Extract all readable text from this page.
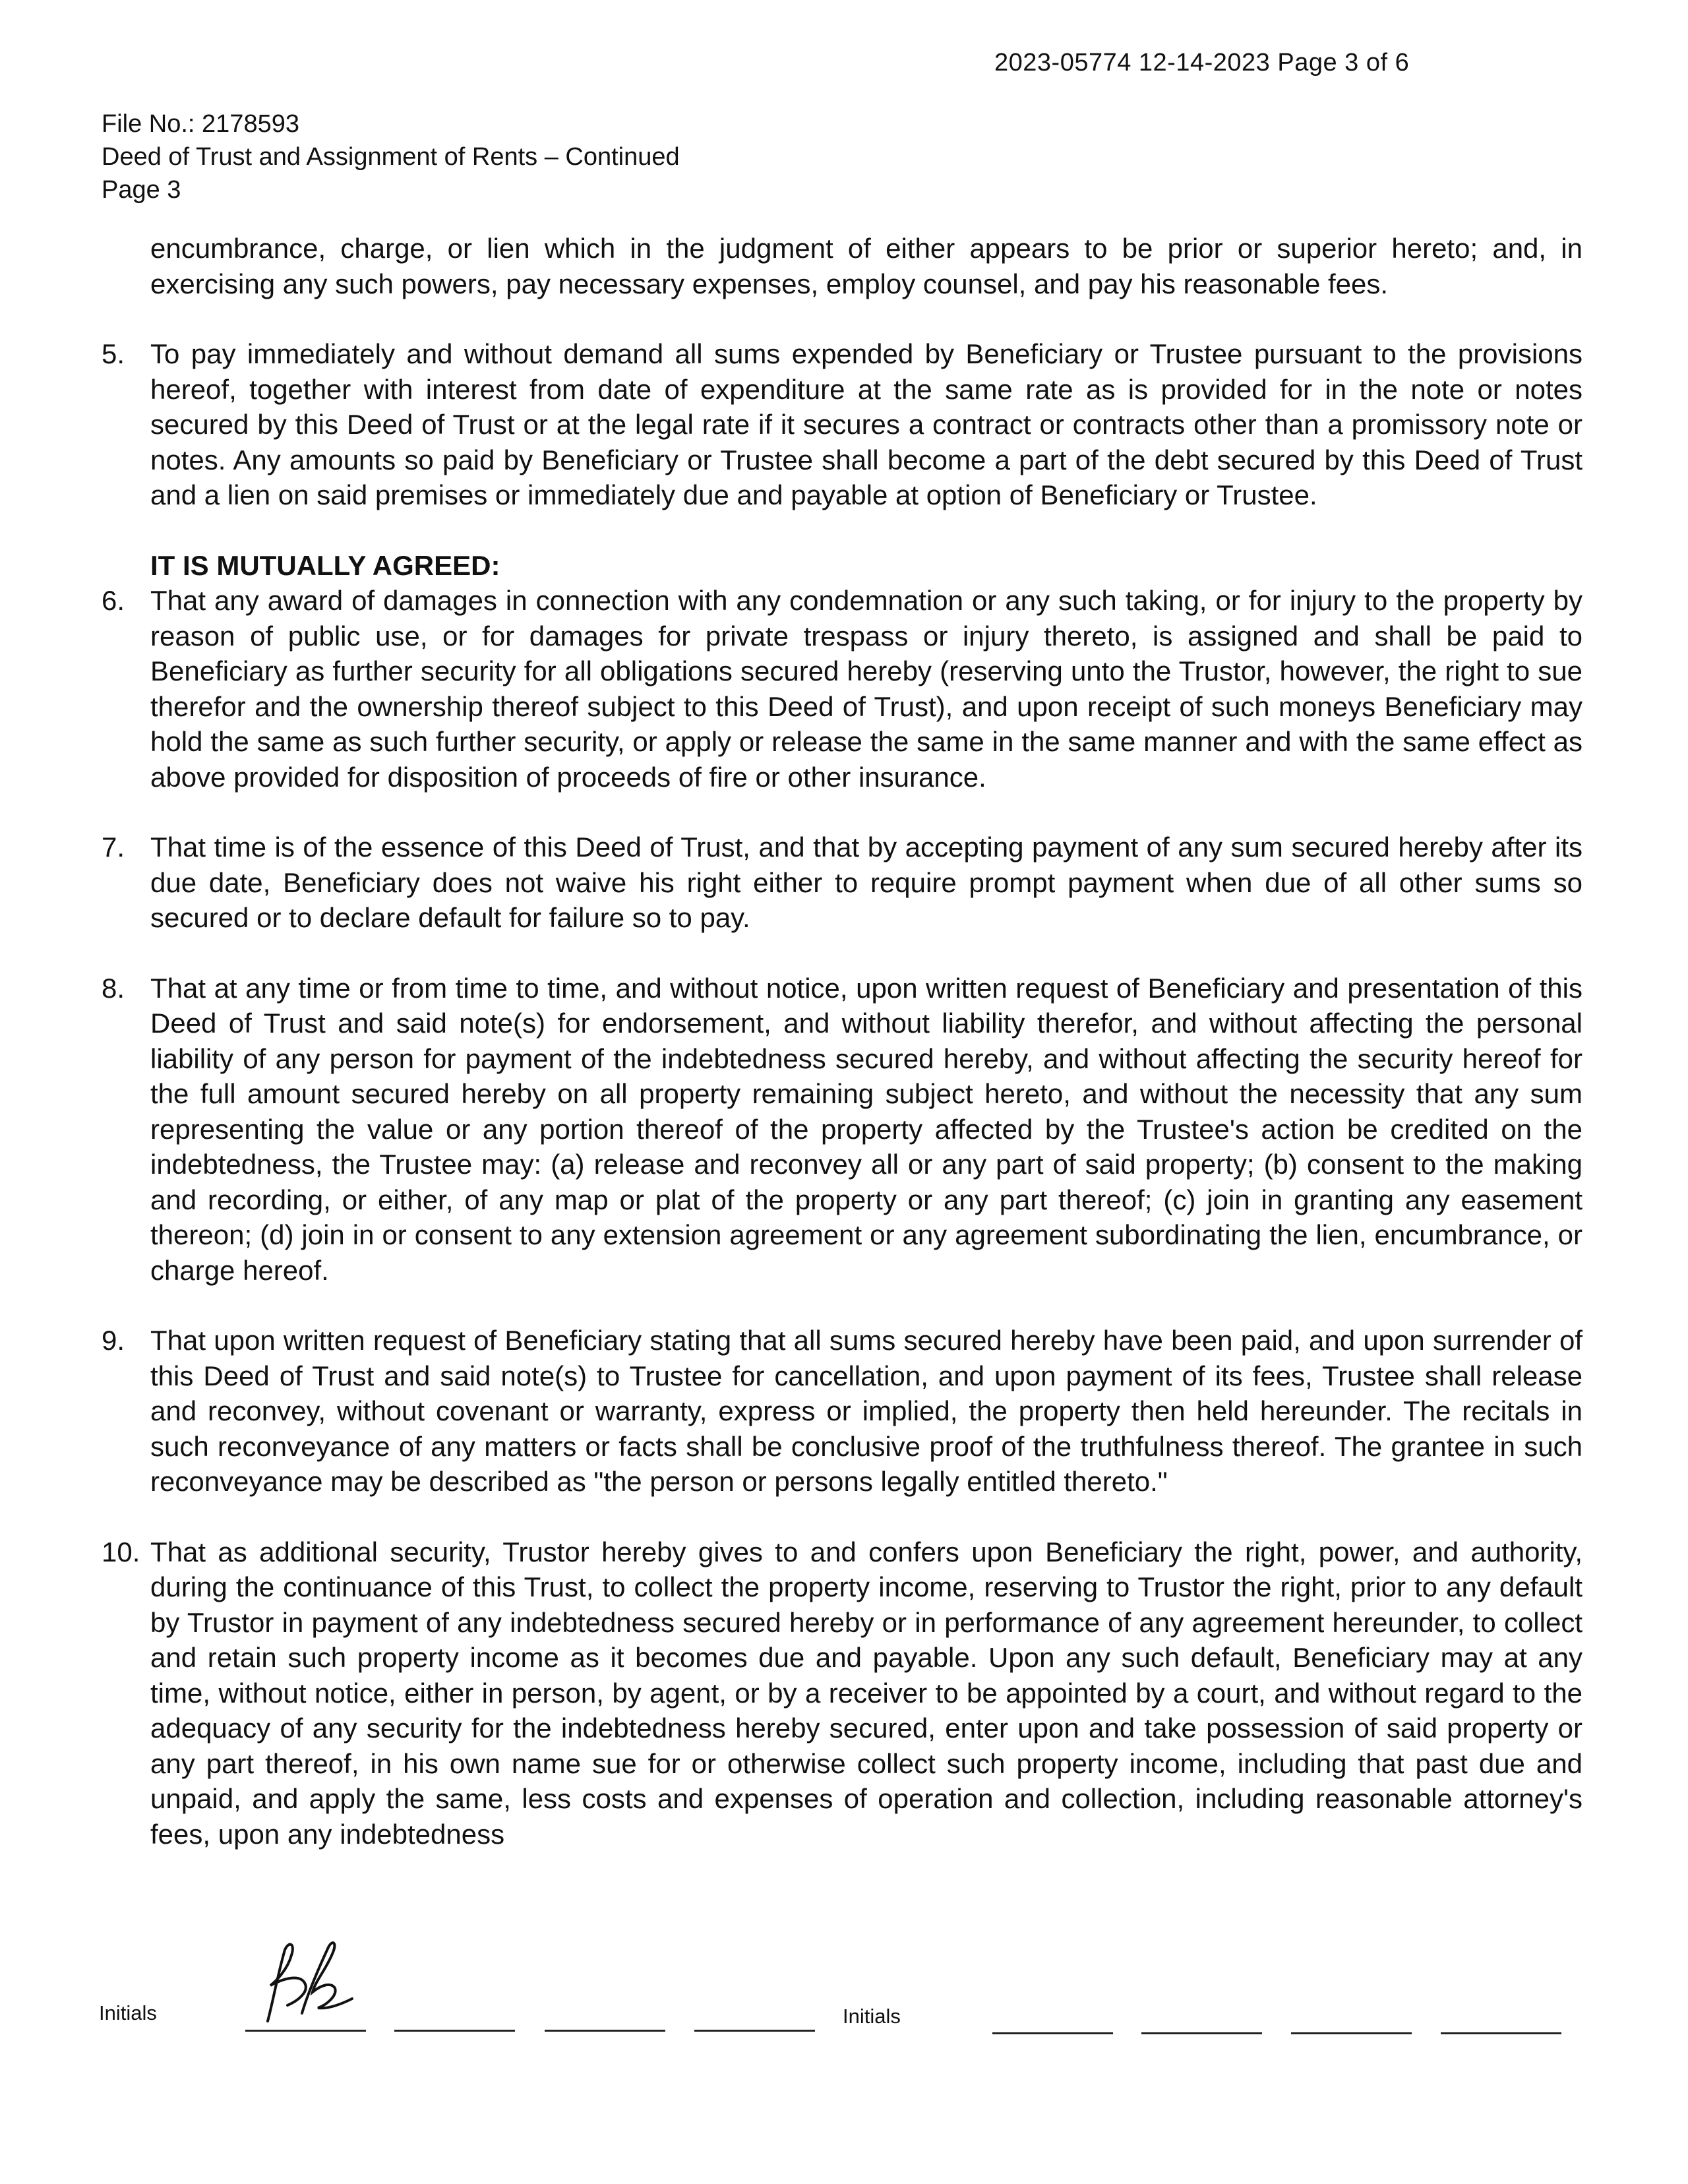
2023-05774 12-14-2023 Page 3 of 6
File No.: 2178593
Deed of Trust and Assignment of Rents – Continued
Page 3
encumbrance, charge, or lien which in the judgment of either appears to be prior or superior hereto; and, in exercising any such powers, pay necessary expenses, employ counsel, and pay his reasonable fees.
5. To pay immediately and without demand all sums expended by Beneficiary or Trustee pursuant to the provisions hereof, together with interest from date of expenditure at the same rate as is provided for in the note or notes secured by this Deed of Trust or at the legal rate if it secures a contract or contracts other than a promissory note or notes. Any amounts so paid by Beneficiary or Trustee shall become a part of the debt secured by this Deed of Trust and a lien on said premises or immediately due and payable at option of Beneficiary or Trustee.
IT IS MUTUALLY AGREED:
6. That any award of damages in connection with any condemnation or any such taking, or for injury to the property by reason of public use, or for damages for private trespass or injury thereto, is assigned and shall be paid to Beneficiary as further security for all obligations secured hereby (reserving unto the Trustor, however, the right to sue therefor and the ownership thereof subject to this Deed of Trust), and upon receipt of such moneys Beneficiary may hold the same as such further security, or apply or release the same in the same manner and with the same effect as above provided for disposition of proceeds of fire or other insurance.
7. That time is of the essence of this Deed of Trust, and that by accepting payment of any sum secured hereby after its due date, Beneficiary does not waive his right either to require prompt payment when due of all other sums so secured or to declare default for failure so to pay.
8. That at any time or from time to time, and without notice, upon written request of Beneficiary and presentation of this Deed of Trust and said note(s) for endorsement, and without liability therefor, and without affecting the personal liability of any person for payment of the indebtedness secured hereby, and without affecting the security hereof for the full amount secured hereby on all property remaining subject hereto, and without the necessity that any sum representing the value or any portion thereof of the property affected by the Trustee's action be credited on the indebtedness, the Trustee may: (a) release and reconvey all or any part of said property; (b) consent to the making and recording, or either, of any map or plat of the property or any part thereof; (c) join in granting any easement thereon; (d) join in or consent to any extension agreement or any agreement subordinating the lien, encumbrance, or charge hereof.
9. That upon written request of Beneficiary stating that all sums secured hereby have been paid, and upon surrender of this Deed of Trust and said note(s) to Trustee for cancellation, and upon payment of its fees, Trustee shall release and reconvey, without covenant or warranty, express or implied, the property then held hereunder. The recitals in such reconveyance of any matters or facts shall be conclusive proof of the truthfulness thereof. The grantee in such reconveyance may be described as "the person or persons legally entitled thereto."
10. That as additional security, Trustor hereby gives to and confers upon Beneficiary the right, power, and authority, during the continuance of this Trust, to collect the property income, reserving to Trustor the right, prior to any default by Trustor in payment of any indebtedness secured hereby or in performance of any agreement hereunder, to collect and retain such property income as it becomes due and payable. Upon any such default, Beneficiary may at any time, without notice, either in person, by agent, or by a receiver to be appointed by a court, and without regard to the adequacy of any security for the indebtedness hereby secured, enter upon and take possession of said property or any part thereof, in his own name sue for or otherwise collect such property income, including that past due and unpaid, and apply the same, less costs and expenses of operation and collection, including reasonable attorney's fees, upon any indebtedness
Initials	Initials
